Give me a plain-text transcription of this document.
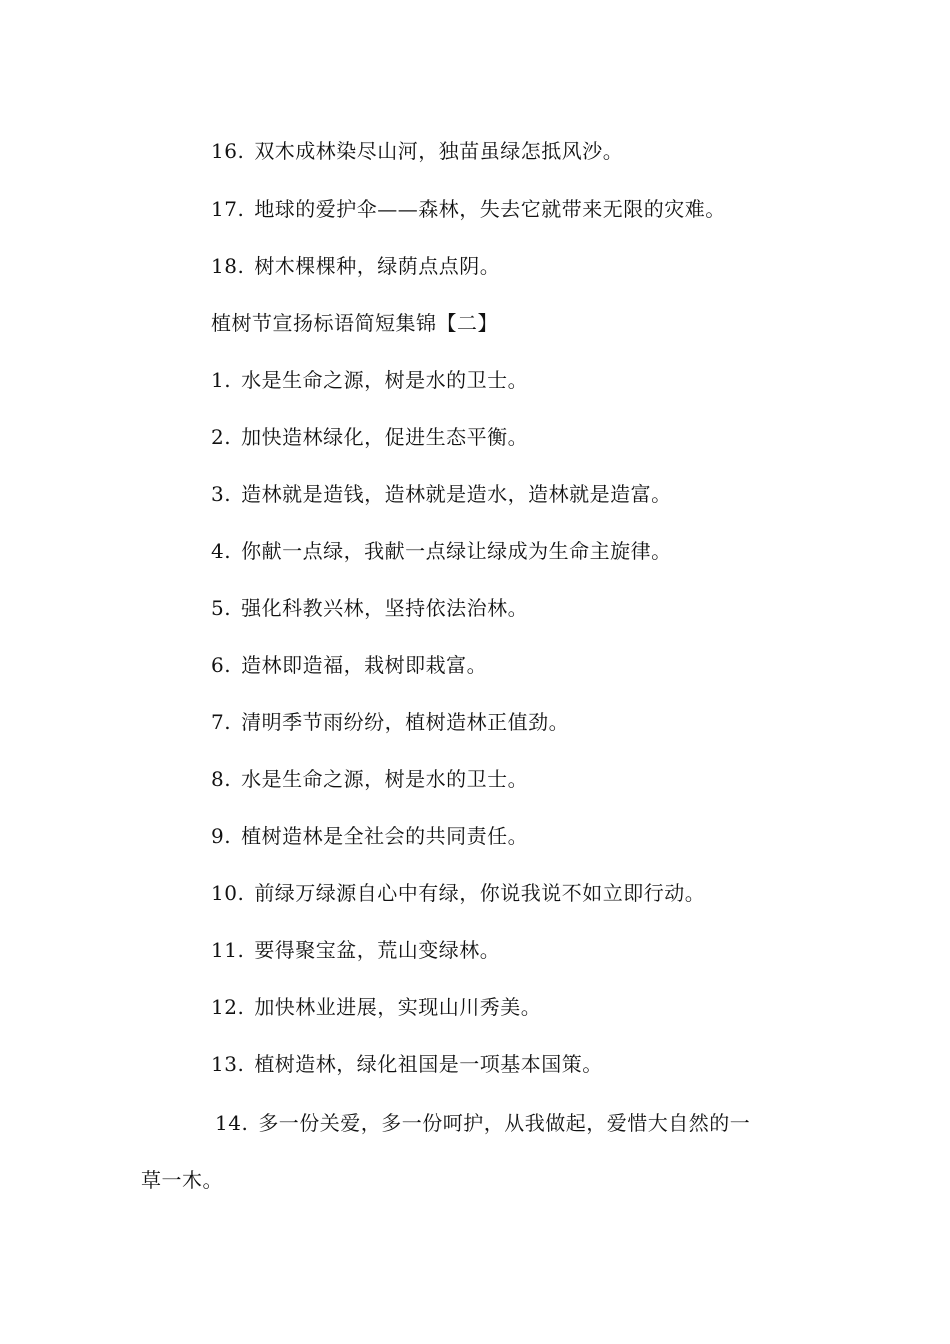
16. 双木成林染尽山河，独苗虽绿怎抵风沙。
17. 地球的爱护伞——森林，失去它就带来无限的灾难。
18. 树木棵棵种，绿荫点点阴。
植树节宣扬标语简短集锦【二】
1. 水是生命之源，树是水的卫士。
2. 加快造林绿化，促进生态平衡。
3. 造林就是造钱，造林就是造水，造林就是造富。
4. 你献一点绿，我献一点绿让绿成为生命主旋律。
5. 强化科教兴林，坚持依法治林。
6. 造林即造福，栽树即栽富。
7. 清明季节雨纷纷，植树造林正值劲。
8. 水是生命之源，树是水的卫士。
9. 植树造林是全社会的共同责任。
10. 前绿万绿源自心中有绿，你说我说不如立即行动。
11. 要得聚宝盆，荒山变绿林。
12. 加快林业进展，实现山川秀美。
13. 植树造林，绿化祖国是一项基本国策。
14. 多一份关爱，多一份呵护，从我做起，爱惜大自然的一
草一木。
